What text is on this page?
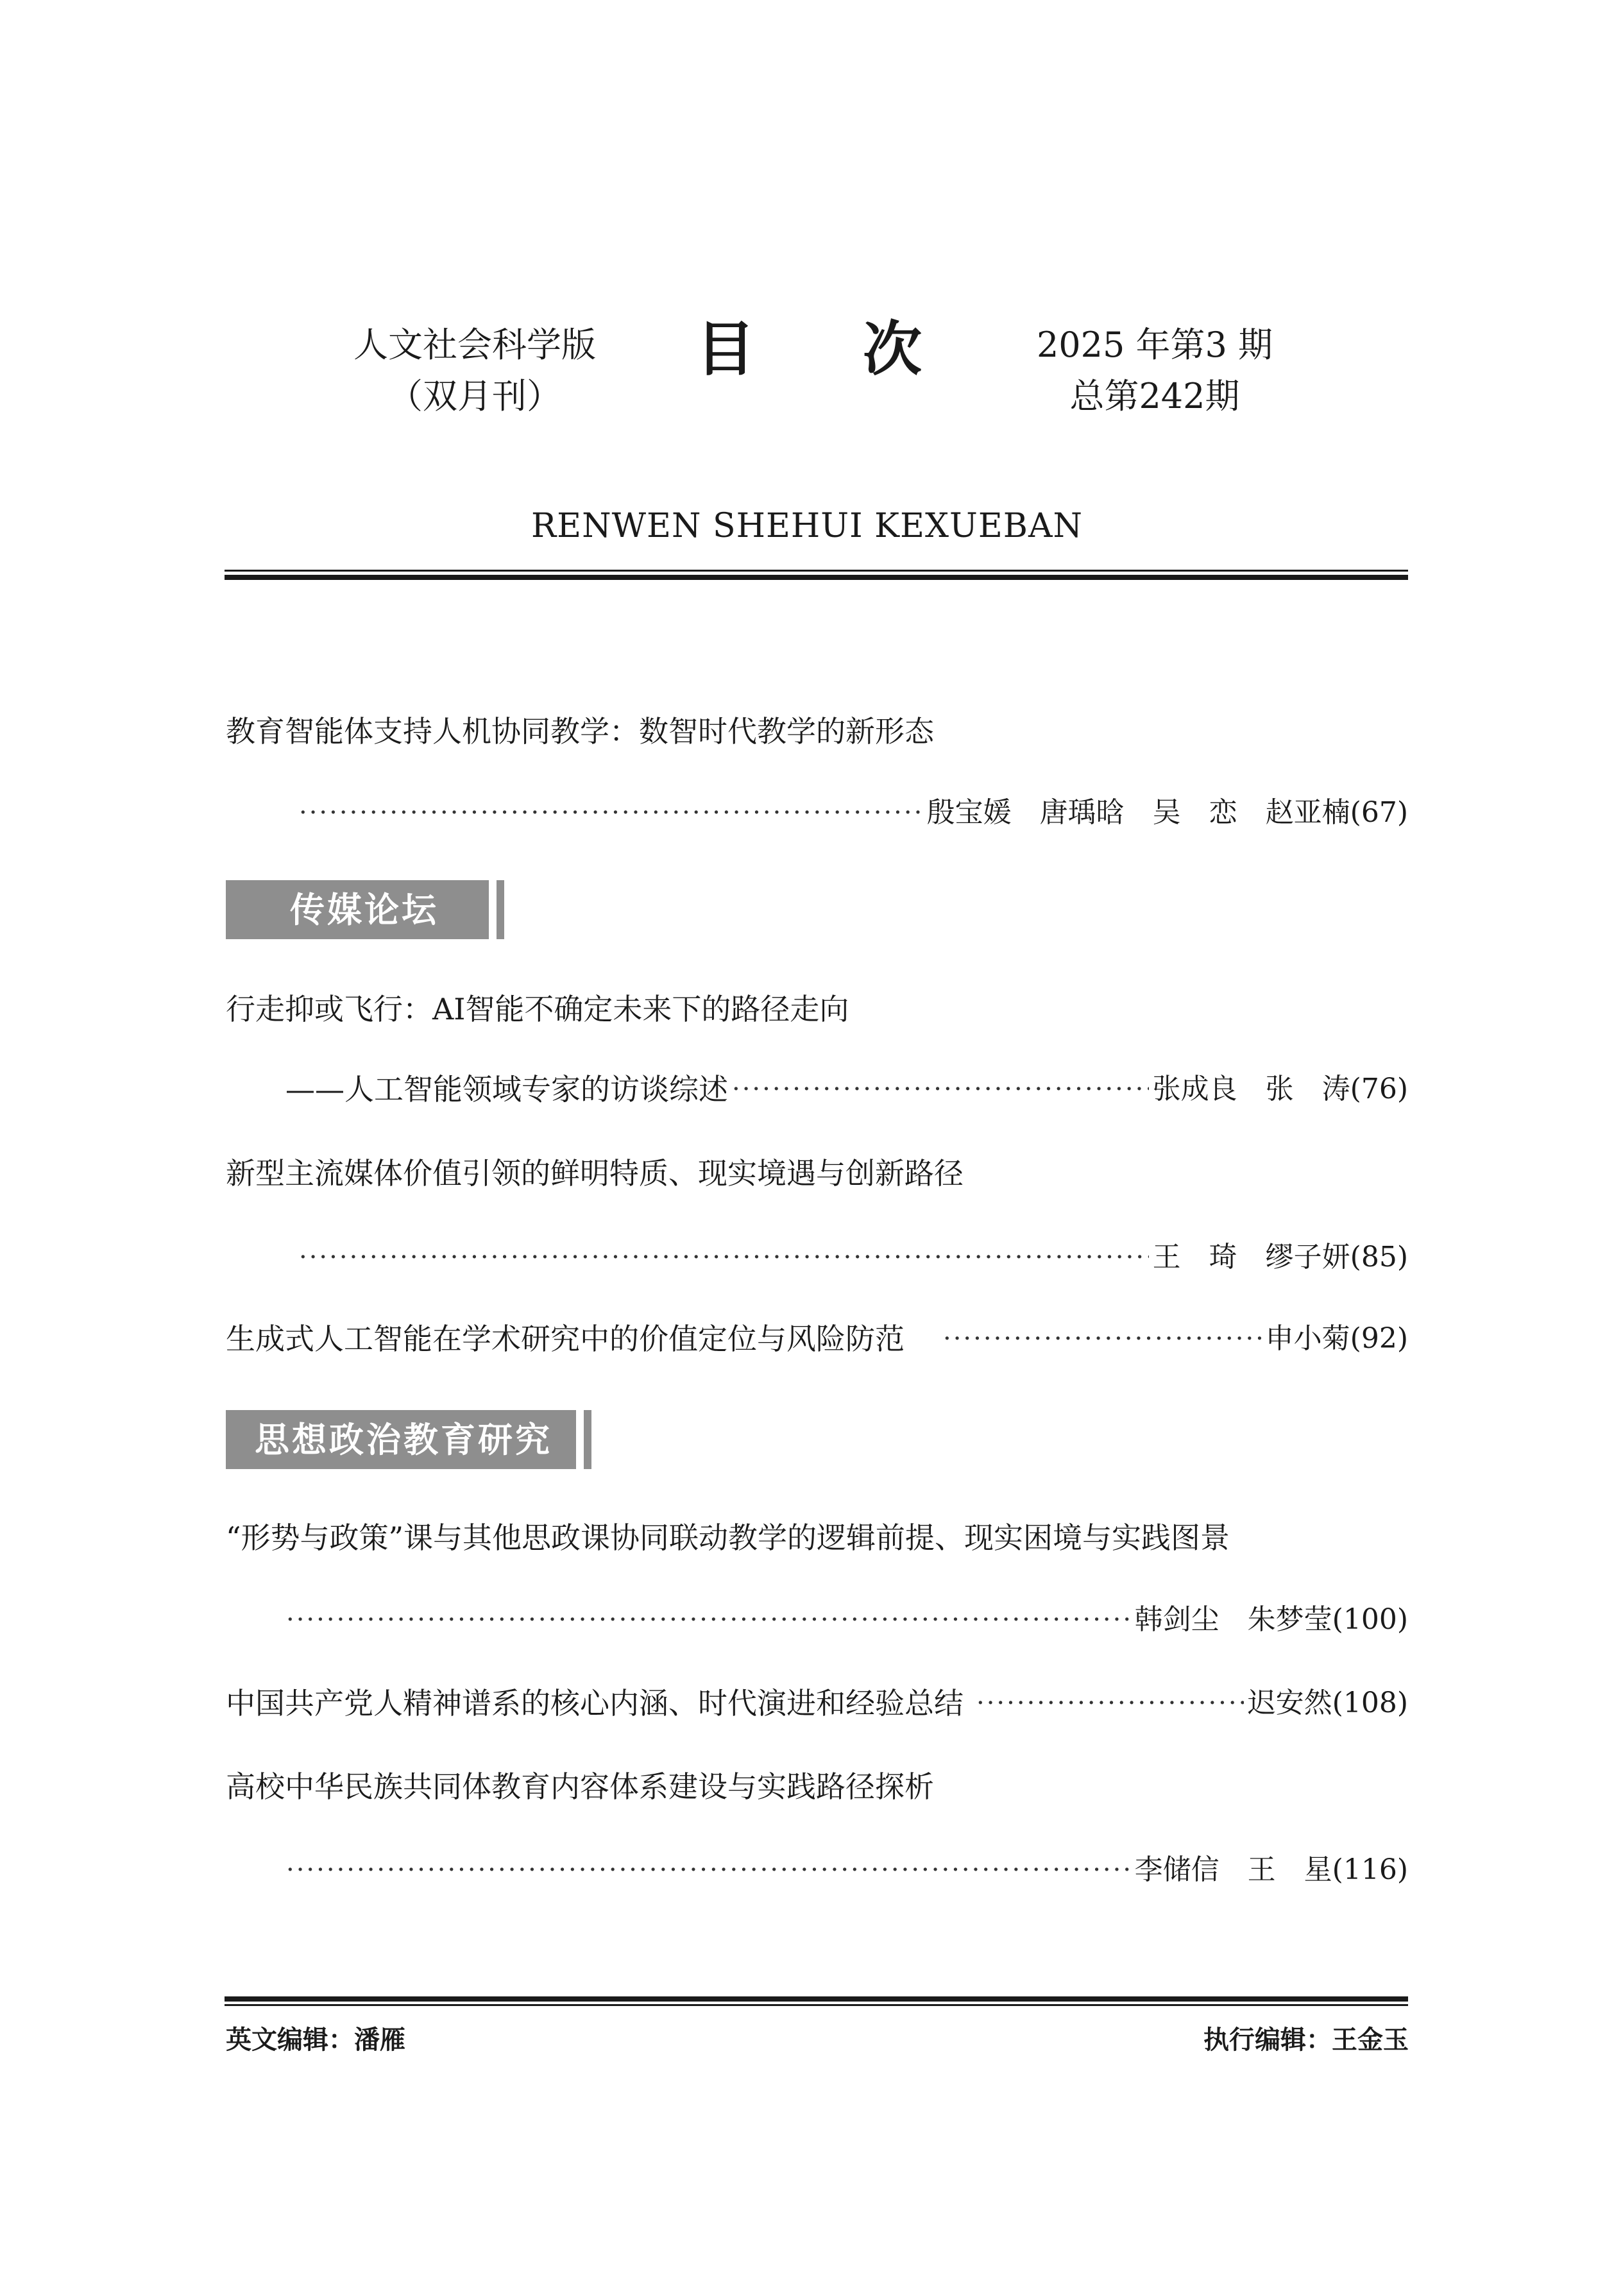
人文社会科学版
（双月刊）
目 次	2025 年第3 期
总第242期
RENWEN SHEHUI KEXUEBAN
教育智能体支持人机协同教学：数智时代教学的新形态
·····
殷宝媛　唐瑀晗　吴　恋　赵亚楠 (67)
传媒论坛
行走抑或飞行：AI智能不确定未来下的路径走向
——人工智能领域专家的访谈综述 ·····	张成良　张　涛 (76)
新型主流媒体价值引领的鲜明特质、现实境遇与创新路径
·····
王　琦　缪子妍 (85)
生成式人工智能在学术研究中的价值定位与风险防范 ·····	申小菊 (92)
思想政治教育研究
“形势与政策”课与其他思政课协同联动教学的逻辑前提、现实困境与实践图景
·····
韩剑尘　朱梦莹 (100)
中国共产党人精神谱系的核心内涵、时代演进和经验总结 ·····	迟安然 (108)
高校中华民族共同体教育内容体系建设与实践路径探析
·····
李储信　王　星 (116)
英文编辑：潘雁	执行编辑：王金玉
